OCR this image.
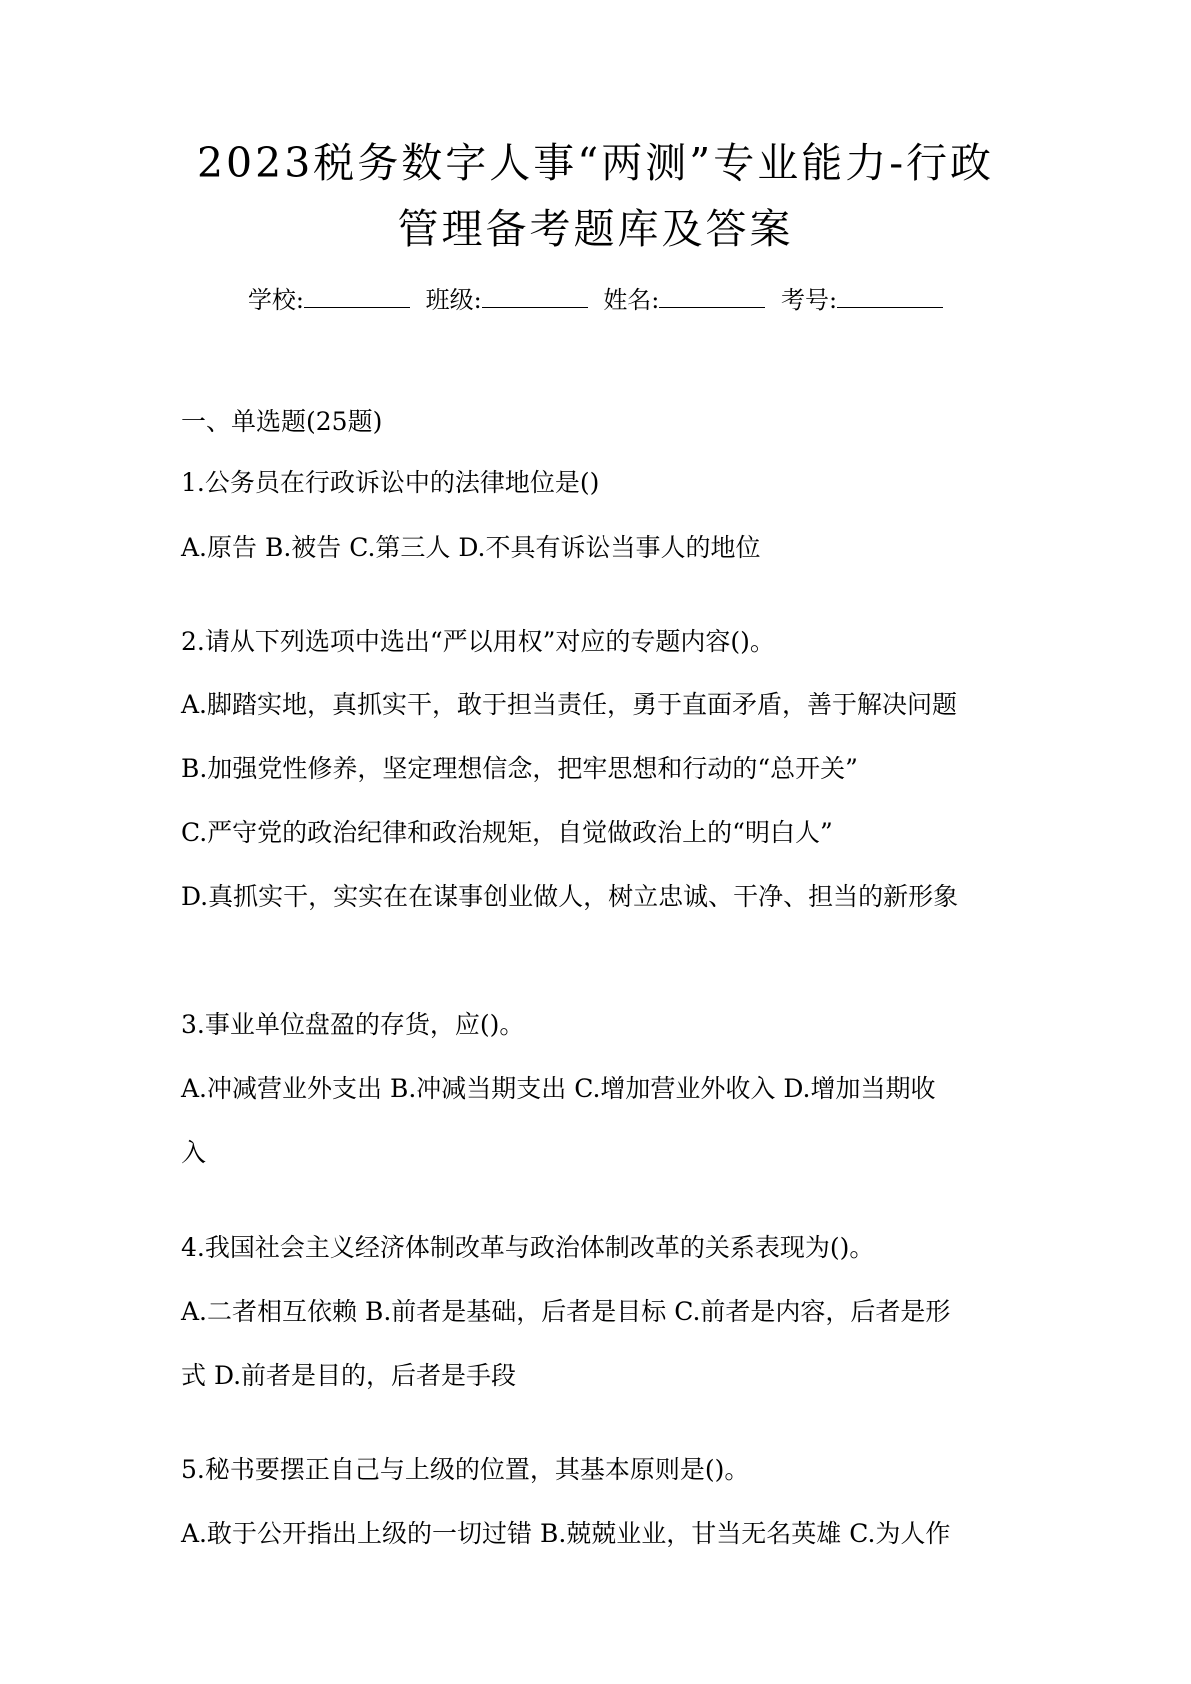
2023税务数字人事“两测”专业能力-行政
管理备考题库及答案
学校:	班级:	姓名:	考号:
一、单选题(25题)
1.公务员在行政诉讼中的法律地位是()
A.原告 B.被告 C.第三人 D.不具有诉讼当事人的地位
2.请从下列选项中选出“严以用权”对应的专题内容()。
A.脚踏实地，真抓实干，敢于担当责任，勇于直面矛盾，善于解决问题
B.加强党性修养，坚定理想信念，把牢思想和行动的“总开关”
C.严守党的政治纪律和政治规矩，自觉做政治上的“明白人”
D.真抓实干，实实在在谋事创业做人，树立忠诚、干净、担当的新形象
3.事业单位盘盈的存货，应()。
A.冲减营业外支出 B.冲减当期支出 C.增加营业外收入 D.增加当期收
入
4.我国社会主义经济体制改革与政治体制改革的关系表现为()。
A.二者相互依赖 B.前者是基础，后者是目标 C.前者是内容，后者是形
式 D.前者是目的，后者是手段
5.秘书要摆正自己与上级的位置，其基本原则是()。
A.敢于公开指出上级的一切过错 B.兢兢业业，甘当无名英雄 C.为人作
